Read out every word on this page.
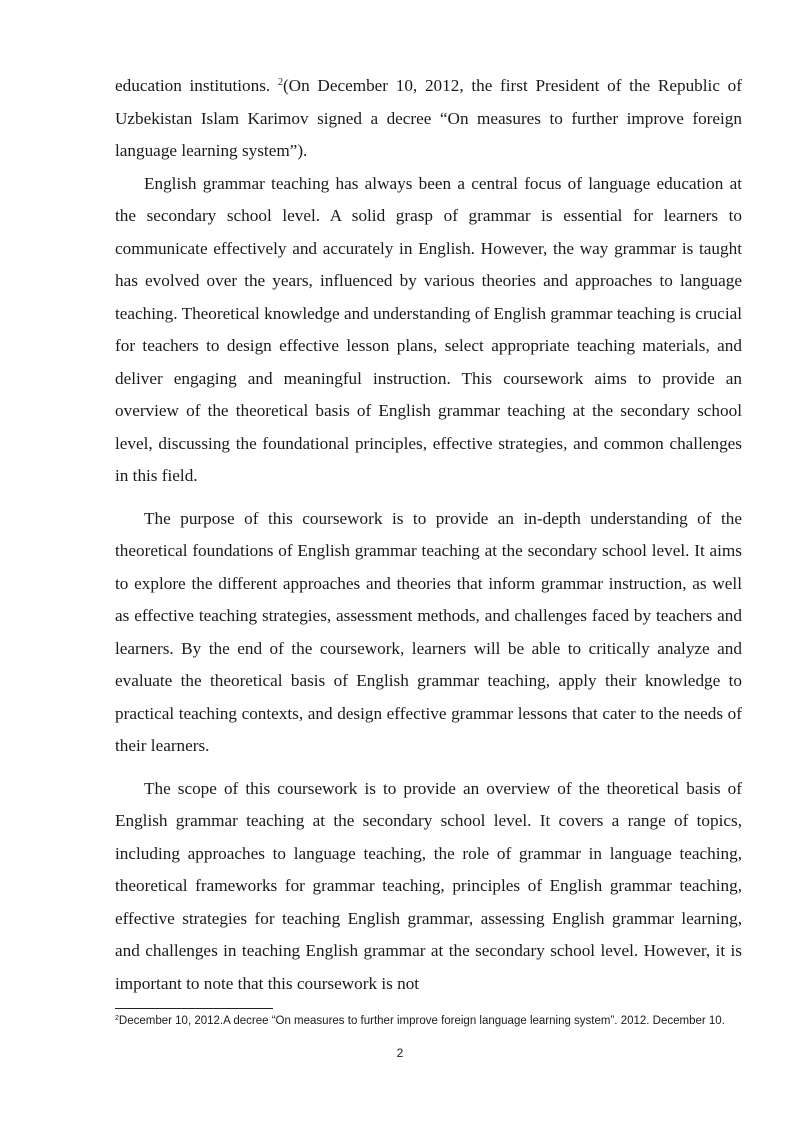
education institutions. $^2$(On December 10, 2012, the first President of the Republic of Uzbekistan Islam Karimov signed a decree “On measures to further improve foreign language learning system”).

English grammar teaching has always been a central focus of language education at the secondary school level. A solid grasp of grammar is essential for learners to communicate effectively and accurately in English. However, the way grammar is taught has evolved over the years, influenced by various theories and approaches to language teaching. Theoretical knowledge and understanding of English grammar teaching is crucial for teachers to design effective lesson plans, select appropriate teaching materials, and deliver engaging and meaningful instruction. This coursework aims to provide an overview of the theoretical basis of English grammar teaching at the secondary school level, discussing the foundational principles, effective strategies, and common challenges in this field.

The purpose of this coursework is to provide an in-depth understanding of the theoretical foundations of English grammar teaching at the secondary school level. It aims to explore the different approaches and theories that inform grammar instruction, as well as effective teaching strategies, assessment methods, and challenges faced by teachers and learners. By the end of the coursework, learners will be able to critically analyze and evaluate the theoretical basis of English grammar teaching, apply their knowledge to practical teaching contexts, and design effective grammar lessons that cater to the needs of their learners.

The scope of this coursework is to provide an overview of the theoretical basis of English grammar teaching at the secondary school level. It covers a range of topics, including approaches to language teaching, the role of grammar in language teaching, theoretical frameworks for grammar teaching, principles of English grammar teaching, effective strategies for teaching English grammar, assessing English grammar learning, and challenges in teaching English grammar at the secondary school level. However, it is important to note that this coursework is not

$^2$December 10, 2012.A decree “On measures to further improve foreign language learning system”. 2012. December 10.
2
